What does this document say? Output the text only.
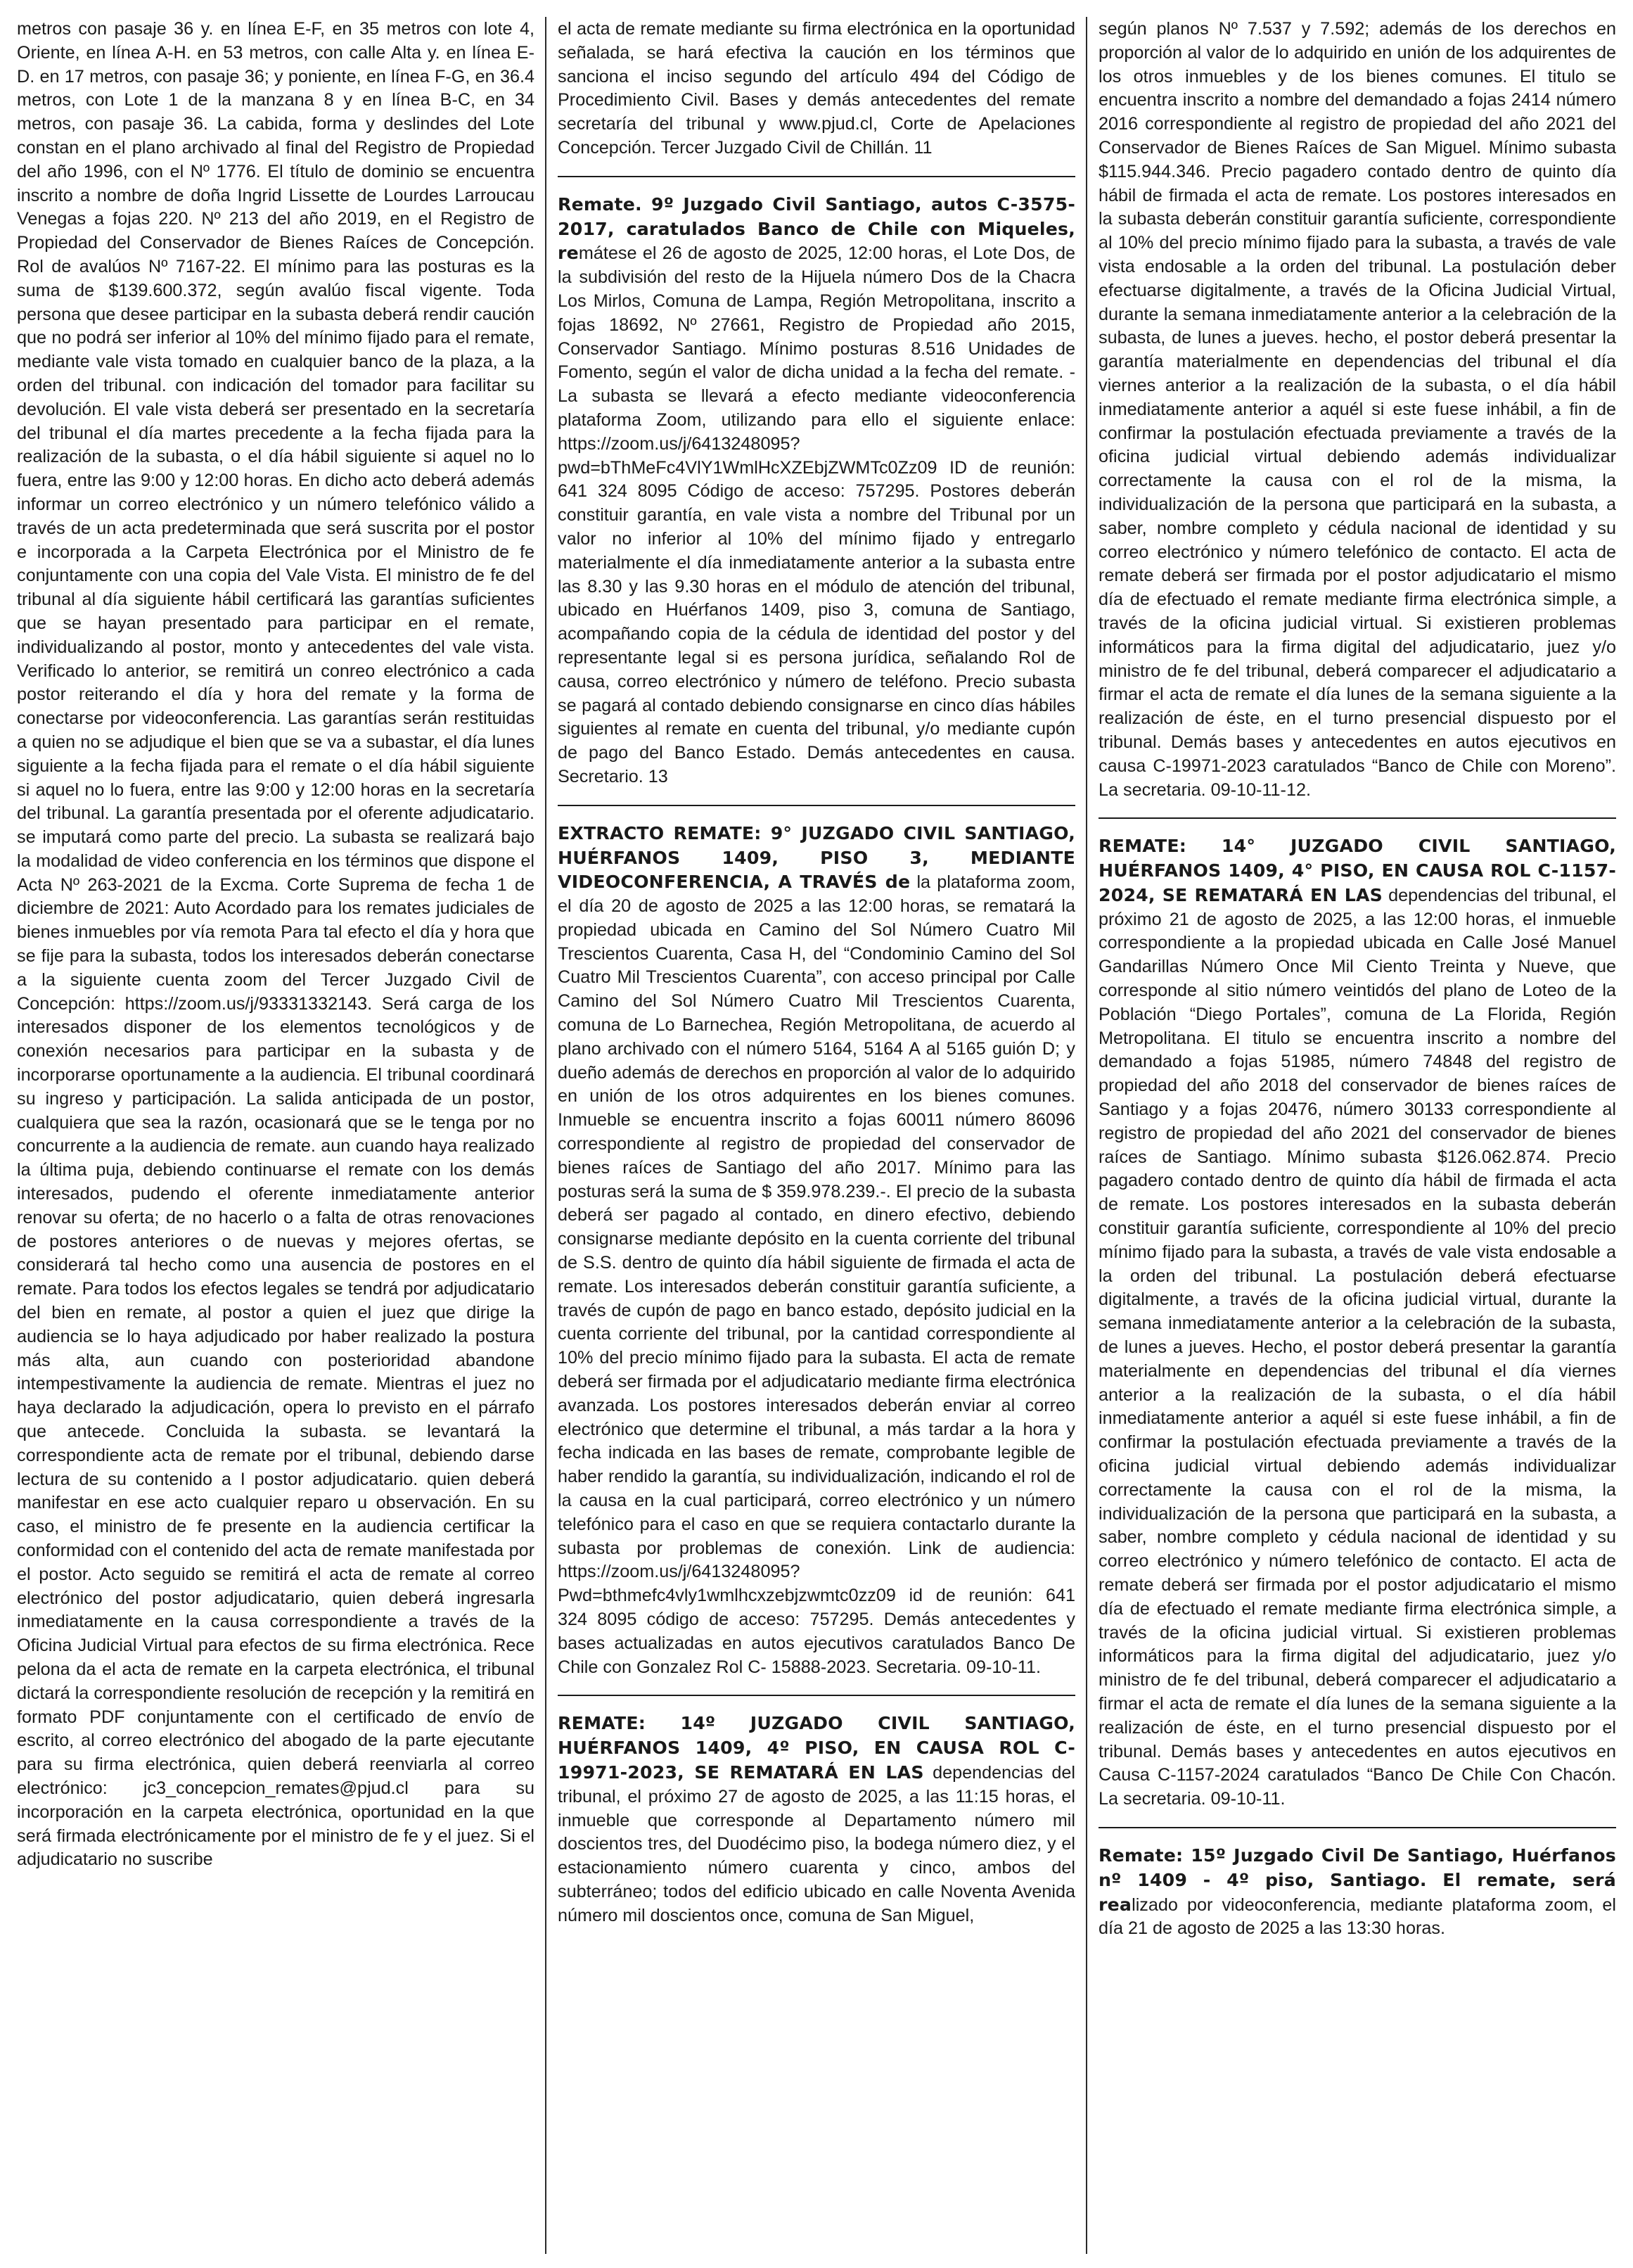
metros con pasaje 36 y. en línea E-F, en 35 metros con lote 4, Oriente, en línea A-H. en 53 metros, con calle Alta y. en línea E-D. en 17 metros, con pasaje 36; y poniente, en línea F-G, en 36.4 metros, con Lote 1 de la manzana 8 y en línea B-C, en 34 metros, con pasaje 36. La cabida, forma y deslindes del Lote constan en el plano archivado al final del Registro de Propiedad del año 1996, con el Nº 1776. El título de dominio se encuentra inscrito a nombre de doña Ingrid Lissette de Lourdes Larroucau Venegas a fojas 220. Nº 213 del año 2019, en el Registro de Propiedad del Conservador de Bienes Raíces de Concepción. Rol de avalúos Nº 7167-22. El mínimo para las posturas es la suma de $139.600.372, según avalúo fiscal vigente. Toda persona que desee participar en la subasta deberá rendir caución que no podrá ser inferior al 10% del mínimo fijado para el remate, mediante vale vista tomado en cualquier banco de la plaza, a la orden del tribunal. con indicación del tomador para facilitar su devolución. El vale vista deberá ser presentado en la secretaría del tribunal el día martes precedente a la fecha fijada para la realización de la subasta, o el día hábil siguiente si aquel no lo fuera, entre las 9:00 y 12:00 horas. En dicho acto deberá además informar un correo electrónico y un número telefónico válido a través de un acta predeterminada que será suscrita por el postor e incorporada a la Carpeta Electrónica por el Ministro de fe conjuntamente con una copia del Vale Vista. El ministro de fe del tribunal al día siguiente hábil certificará las garantías suficientes que se hayan presentado para participar en el remate, individualizando al postor, monto y antecedentes del vale vista. Verificado lo anterior, se remitirá un conreo electrónico a cada postor reiterando el día y hora del remate y la forma de conectarse por videoconferencia. Las garantías serán restituidas a quien no se adjudique el bien que se va a subastar, el día lunes siguiente a la fecha fijada para el remate o el día hábil siguiente si aquel no lo fuera, entre las 9:00 y 12:00 horas en la secretaría del tribunal. La garantía presentada por el oferente adjudicatario. se imputará como parte del precio. La subasta se realizará bajo la modalidad de video conferencia en los términos que dispone el Acta Nº 263-2021 de la Excma. Corte Suprema de fecha 1 de diciembre de 2021: Auto Acordado para los remates judiciales de bienes inmuebles por vía remota Para tal efecto el día y hora que se fije para la subasta, todos los interesados deberán conectarse a la siguiente cuenta zoom del Tercer Juzgado Civil de Concepción: https://zoom.us/j/93331332143. Será carga de los interesados disponer de los elementos tecnológicos y de conexión necesarios para participar en la subasta y de incorporarse oportunamente a la audiencia. El tribunal coordinará su ingreso y participación. La salida anticipada de un postor, cualquiera que sea la razón, ocasionará que se le tenga por no concurrente a la audiencia de remate. aun cuando haya realizado la última puja, debiendo continuarse el remate con los demás interesados, pudendo el oferente inmediatamente anterior renovar su oferta; de no hacerlo o a falta de otras renovaciones de postores anteriores o de nuevas y mejores ofertas, se considerará tal hecho como una ausencia de postores en el remate. Para todos los efectos legales se tendrá por adjudicatario del bien en remate, al postor a quien el juez que dirige la audiencia se lo haya adjudicado por haber realizado la postura más alta, aun cuando con posterioridad abandone intempestivamente la audiencia de remate. Mientras el juez no haya declarado la adjudicación, opera lo previsto en el párrafo que antecede. Concluida la subasta. se levantará la correspondiente acta de remate por el tribunal, debiendo darse lectura de su contenido a I postor adjudicatario. quien deberá manifestar en ese acto cualquier reparo u observación. En su caso, el ministro de fe presente en la audiencia certificar la conformidad con el contenido del acta de remate manifestada por el postor. Acto seguido se remitirá el acta de remate al correo electrónico del postor adjudicatario, quien deberá ingresarla inmediatamente en la causa correspondiente a través de la Oficina Judicial Virtual para efectos de su firma electrónica. Rece pelona da el acta de remate en la carpeta electrónica, el tribunal dictará la correspondiente resolución de recepción y la remitirá en formato PDF conjuntamente con el certificado de envío de escrito, al correo electrónico del abogado de la parte ejecutante para su firma electrónica, quien deberá reenviarla al correo electrónico: jc3_concepcion_remates@pjud.cl para su incorporación en la carpeta electrónica, oportunidad en la que será firmada electrónicamente por el ministro de fe y el juez. Si el adjudicatario no suscribe

el acta de remate mediante su firma electrónica en la oportunidad señalada, se hará efectiva la caución en los términos que sanciona el inciso segundo del artículo 494 del Código de Procedimiento Civil. Bases y demás antecedentes del remate secretaría del tribunal y www.pjud.cl, Corte de Apelaciones Concepción. Tercer Juzgado Civil de Chillán. 11

Remate. 9º Juzgado Civil Santiago, autos C-3575-2017, caratulados Banco de Chile con Miqueles, remátese el 26 de agosto de 2025, 12:00 horas, el Lote Dos, de la subdivisión del resto de la Hijuela número Dos de la Chacra Los Mirlos, Comuna de Lampa, Región Metropolitana, inscrito a fojas 18692, Nº 27661, Registro de Propiedad año 2015, Conservador Santiago. Mínimo posturas 8.516 Unidades de Fomento, según el valor de dicha unidad a la fecha del remate. - La subasta se llevará a efecto mediante videoconferencia plataforma Zoom, utilizando para ello el siguiente enlace: https://zoom.us/j/6413248095?pwd=bThMeFc4VlY1WmlHcXZEbjZWMTc0Zz09 ID de reunión: 641 324 8095 Código de acceso: 757295. Postores deberán constituir garantía, en vale vista a nombre del Tribunal por un valor no inferior al 10% del mínimo fijado y entregarlo materialmente el día inmediatamente anterior a la subasta entre las 8.30 y las 9.30 horas en el módulo de atención del tribunal, ubicado en Huérfanos 1409, piso 3, comuna de Santiago, acompañando copia de la cédula de identidad del postor y del representante legal si es persona jurídica, señalando Rol de causa, correo electrónico y número de teléfono. Precio subasta se pagará al contado debiendo consignarse en cinco días hábiles siguientes al remate en cuenta del tribunal, y/o mediante cupón de pago del Banco Estado. Demás antecedentes en causa. Secretario. 13

EXTRACTO REMATE: 9° JUZGADO CIVIL SANTIAGO, HUÉRFANOS 1409, PISO 3, MEDIANTE VIDEOCONFERENCIA, A TRAVÉS de la plataforma zoom, el día 20 de agosto de 2025 a las 12:00 horas, se rematará la propiedad ubicada en Camino del Sol Número Cuatro Mil Trescientos Cuarenta, Casa H, del “Condominio Camino del Sol Cuatro Mil Trescientos Cuarenta”, con acceso principal por Calle Camino del Sol Número Cuatro Mil Trescientos Cuarenta, comuna de Lo Barnechea, Región Metropolitana, de acuerdo al plano archivado con el número 5164, 5164 A al 5165 guión D; y dueño además de derechos en proporción al valor de lo adquirido en unión de los otros adquirentes en los bienes comunes. Inmueble se encuentra inscrito a fojas 60011 número 86096 correspondiente al registro de propiedad del conservador de bienes raíces de Santiago del año 2017. Mínimo para las posturas será la suma de $ 359.978.239.-. El precio de la subasta deberá ser pagado al contado, en dinero efectivo, debiendo consignarse mediante depósito en la cuenta corriente del tribunal de S.S. dentro de quinto día hábil siguiente de firmada el acta de remate. Los interesados deberán constituir garantía suficiente, a través de cupón de pago en banco estado, depósito judicial en la cuenta corriente del tribunal, por la cantidad correspondiente al 10% del precio mínimo fijado para la subasta. El acta de remate deberá ser firmada por el adjudicatario mediante firma electrónica avanzada. Los postores interesados deberán enviar al correo electrónico que determine el tribunal, a más tardar a la hora y fecha indicada en las bases de remate, comprobante legible de haber rendido la garantía, su individualización, indicando el rol de la causa en la cual participará, correo electrónico y un número telefónico para el caso en que se requiera contactarlo durante la subasta por problemas de conexión. Link de audiencia: https://zoom.us/j/6413248095?Pwd=bthmefc4vly1wmlhcxzebjzwmtc0zz09 id de reunión: 641 324 8095 código de acceso: 757295. Demás antecedentes y bases actualizadas en autos ejecutivos caratulados Banco De Chile con Gonzalez Rol C- 15888-2023. Secretaria. 09-10-11.

REMATE: 14º JUZGADO CIVIL SANTIAGO, HUÉRFANOS 1409, 4º PISO, EN CAUSA ROL C-19971-2023, SE REMATARÁ EN LAS dependencias del tribunal, el próximo 27 de agosto de 2025, a las 11:15 horas, el inmueble que corresponde al Departamento número mil doscientos tres, del Duodécimo piso, la bodega número diez, y el estacionamiento número cuarenta y cinco, ambos del subterráneo; todos del edificio ubicado en calle Noventa Avenida número mil doscientos once, comuna de San Miguel,

según planos Nº 7.537 y 7.592; además de los derechos en proporción al valor de lo adquirido en unión de los adquirentes de los otros inmuebles y de los bienes comunes. El titulo se encuentra inscrito a nombre del demandado a fojas 2414 número 2016 correspondiente al registro de propiedad del año 2021 del Conservador de Bienes Raíces de San Miguel. Mínimo subasta $115.944.346. Precio pagadero contado dentro de quinto día hábil de firmada el acta de remate. Los postores interesados en la subasta deberán constituir garantía suficiente, correspondiente al 10% del precio mínimo fijado para la subasta, a través de vale vista endosable a la orden del tribunal. La postulación deber efectuarse digitalmente, a través de la Oficina Judicial Virtual, durante la semana inmediatamente anterior a la celebración de la subasta, de lunes a jueves. hecho, el postor deberá presentar la garantía materialmente en dependencias del tribunal el día viernes anterior a la realización de la subasta, o el día hábil inmediatamente anterior a aquél si este fuese inhábil, a fin de confirmar la postulación efectuada previamente a través de la oficina judicial virtual debiendo además individualizar correctamente la causa con el rol de la misma, la individualización de la persona que participará en la subasta, a saber, nombre completo y cédula nacional de identidad y su correo electrónico y número telefónico de contacto. El acta de remate deberá ser firmada por el postor adjudicatario el mismo día de efectuado el remate mediante firma electrónica simple, a través de la oficina judicial virtual. Si existieren problemas informáticos para la firma digital del adjudicatario, juez y/o ministro de fe del tribunal, deberá comparecer el adjudicatario a firmar el acta de remate el día lunes de la semana siguiente a la realización de éste, en el turno presencial dispuesto por el tribunal. Demás bases y antecedentes en autos ejecutivos en causa C-19971-2023 caratulados “Banco de Chile con Moreno”. La secretaria. 09-10-11-12.

REMATE: 14° JUZGADO CIVIL SANTIAGO, HUÉRFANOS 1409, 4° PISO, EN CAUSA ROL C-1157-2024, SE REMATARÁ EN LAS dependencias del tribunal, el próximo 21 de agosto de 2025, a las 12:00 horas, el inmueble correspondiente a la propiedad ubicada en Calle José Manuel Gandarillas Número Once Mil Ciento Treinta y Nueve, que corresponde al sitio número veintidós del plano de Loteo de la Población “Diego Portales”, comuna de La Florida, Región Metropolitana. El titulo se encuentra inscrito a nombre del demandado a fojas 51985, número 74848 del registro de propiedad del año 2018 del conservador de bienes raíces de Santiago y a fojas 20476, número 30133 correspondiente al registro de propiedad del año 2021 del conservador de bienes raíces de Santiago. Mínimo subasta $126.062.874. Precio pagadero contado dentro de quinto día hábil de firmada el acta de remate. Los postores interesados en la subasta deberán constituir garantía suficiente, correspondiente al 10% del precio mínimo fijado para la subasta, a través de vale vista endosable a la orden del tribunal. La postulación deberá efectuarse digitalmente, a través de la oficina judicial virtual, durante la semana inmediatamente anterior a la celebración de la subasta, de lunes a jueves. Hecho, el postor deberá presentar la garantía materialmente en dependencias del tribunal el día viernes anterior a la realización de la subasta, o el día hábil inmediatamente anterior a aquél si este fuese inhábil, a fin de confirmar la postulación efectuada previamente a través de la oficina judicial virtual debiendo además individualizar correctamente la causa con el rol de la misma, la individualización de la persona que participará en la subasta, a saber, nombre completo y cédula nacional de identidad y su correo electrónico y número telefónico de contacto. El acta de remate deberá ser firmada por el postor adjudicatario el mismo día de efectuado el remate mediante firma electrónica simple, a través de la oficina judicial virtual. Si existieren problemas informáticos para la firma digital del adjudicatario, juez y/o ministro de fe del tribunal, deberá comparecer el adjudicatario a firmar el acta de remate el día lunes de la semana siguiente a la realización de éste, en el turno presencial dispuesto por el tribunal. Demás bases y antecedentes en autos ejecutivos en Causa C-1157-2024 caratulados “Banco De Chile Con Chacón. La secretaria. 09-10-11.

Remate: 15º Juzgado Civil De Santiago, Huérfanos nº 1409 - 4º piso, Santiago. El remate, será realizado por videoconferencia, mediante plataforma zoom, el día 21 de agosto de 2025 a las 13:30 horas.
